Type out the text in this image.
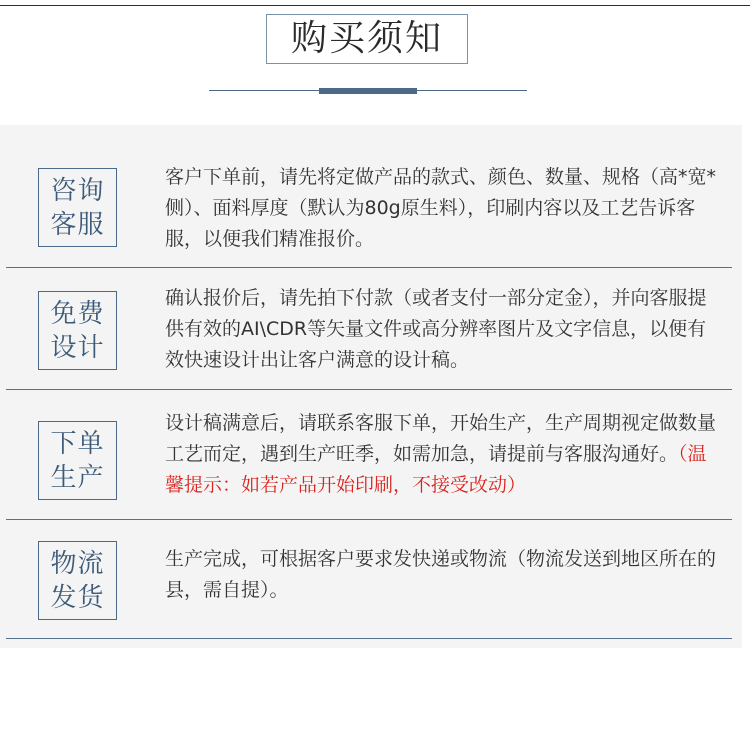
购买须知
咨询
客服
客户下单前，请先将定做产品的款式、颜色、数量、规格（高*宽*侧）、面料厚度（默认为80g原生料），印刷内容以及工艺告诉客服，以便我们精准报价。
免费
设计
确认报价后，请先拍下付款（或者支付一部分定金），并向客服提供有效的AI\CDR等矢量文件或高分辨率图片及文字信息，以便有效快速设计出让客户满意的设计稿。
下单
生产
设计稿满意后，请联系客服下单，开始生产，生产周期视定做数量工艺而定，遇到生产旺季，如需加急，请提前与客服沟通好。（温馨提示：如若产品开始印刷，不接受改动）
物流
发货
生产完成，可根据客户要求发快递或物流（物流发送到地区所在的县，需自提）。
